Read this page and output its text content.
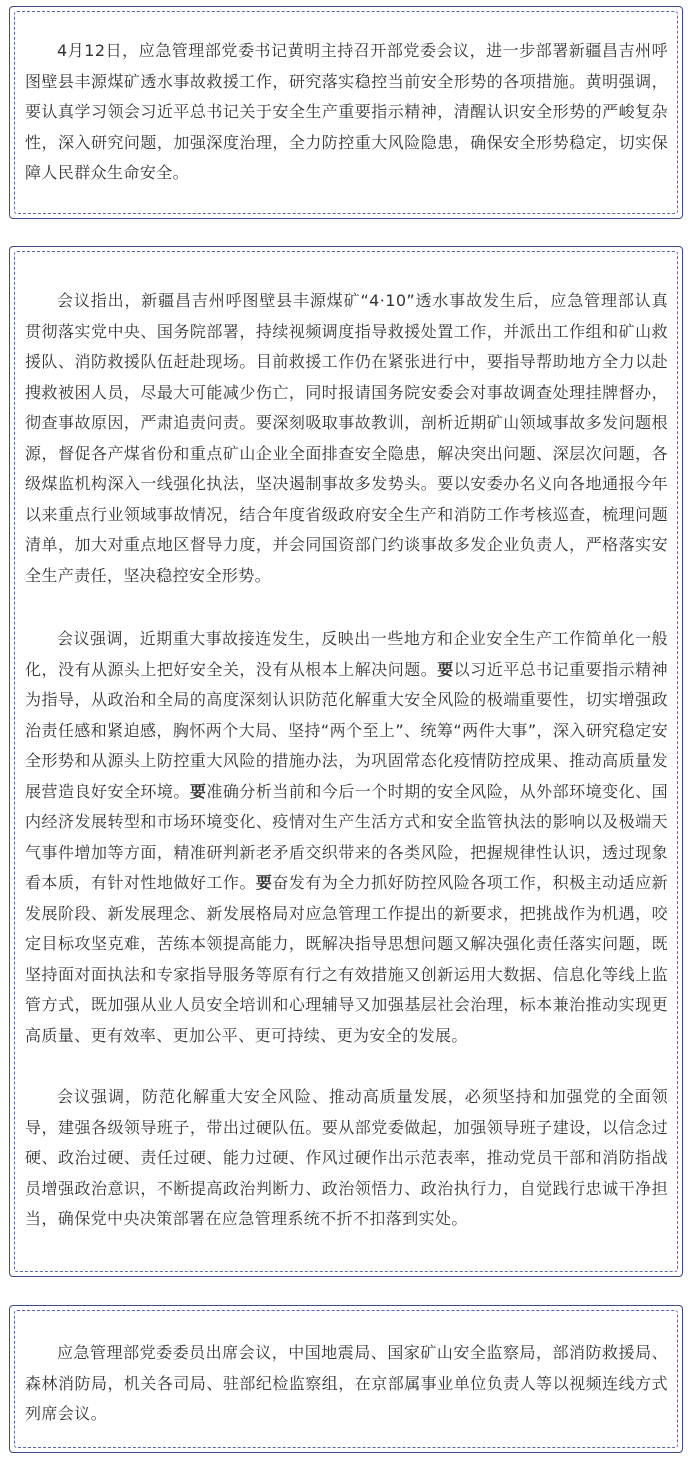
4月12日，应急管理部党委书记黄明主持召开部党委会议，进一步部署新疆昌吉州呼图壁县丰源煤矿透水事故救援工作，研究落实稳控当前安全形势的各项措施。黄明强调，要认真学习领会习近平总书记关于安全生产重要指示精神，清醒认识安全形势的严峻复杂性，深入研究问题，加强深度治理，全力防控重大风险隐患，确保安全形势稳定，切实保障人民群众生命安全。

会议指出，新疆昌吉州呼图壁县丰源煤矿“4·10”透水事故发生后，应急管理部认真贯彻落实党中央、国务院部署，持续视频调度指导救援处置工作，并派出工作组和矿山救援队、消防救援队伍赶赴现场。目前救援工作仍在紧张进行中，要指导帮助地方全力以赴搜救被困人员，尽最大可能减少伤亡，同时报请国务院安委会对事故调查处理挂牌督办，彻查事故原因，严肃追责问责。要深刻吸取事故教训，剖析近期矿山领域事故多发问题根源，督促各产煤省份和重点矿山企业全面排查安全隐患，解决突出问题、深层次问题，各级煤监机构深入一线强化执法，坚决遏制事故多发势头。要以安委办名义向各地通报今年以来重点行业领域事故情况，结合年度省级政府安全生产和消防工作考核巡查，梳理问题清单，加大对重点地区督导力度，并会同国资部门约谈事故多发企业负责人，严格落实安全生产责任，坚决稳控安全形势。

会议强调，近期重大事故接连发生，反映出一些地方和企业安全生产工作简单化一般化，没有从源头上把好安全关，没有从根本上解决问题。要以习近平总书记重要指示精神为指导，从政治和全局的高度深刻认识防范化解重大安全风险的极端重要性，切实增强政治责任感和紧迫感，胸怀两个大局、坚持“两个至上”、统筹“两件大事”，深入研究稳定安全形势和从源头上防控重大风险的措施办法，为巩固常态化疫情防控成果、推动高质量发展营造良好安全环境。要准确分析当前和今后一个时期的安全风险，从外部环境变化、国内经济发展转型和市场环境变化、疫情对生产生活方式和安全监管执法的影响以及极端天气事件增加等方面，精准研判新老矛盾交织带来的各类风险，把握规律性认识，透过现象看本质，有针对性地做好工作。要奋发有为全力抓好防控风险各项工作，积极主动适应新发展阶段、新发展理念、新发展格局对应急管理工作提出的新要求，把挑战作为机遇，咬定目标攻坚克难，苦练本领提高能力，既解决指导思想问题又解决强化责任落实问题，既坚持面对面执法和专家指导服务等原有行之有效措施又创新运用大数据、信息化等线上监管方式，既加强从业人员安全培训和心理辅导又加强基层社会治理，标本兼治推动实现更高质量、更有效率、更加公平、更可持续、更为安全的发展。

会议强调，防范化解重大安全风险、推动高质量发展，必须坚持和加强党的全面领导，建强各级领导班子，带出过硬队伍。要从部党委做起，加强领导班子建设，以信念过硬、政治过硬、责任过硬、能力过硬、作风过硬作出示范表率，推动党员干部和消防指战员增强政治意识，不断提高政治判断力、政治领悟力、政治执行力，自觉践行忠诚干净担当，确保党中央决策部署在应急管理系统不折不扣落到实处。

应急管理部党委委员出席会议，中国地震局、国家矿山安全监察局，部消防救援局、森林消防局，机关各司局、驻部纪检监察组，在京部属事业单位负责人等以视频连线方式列席会议。
